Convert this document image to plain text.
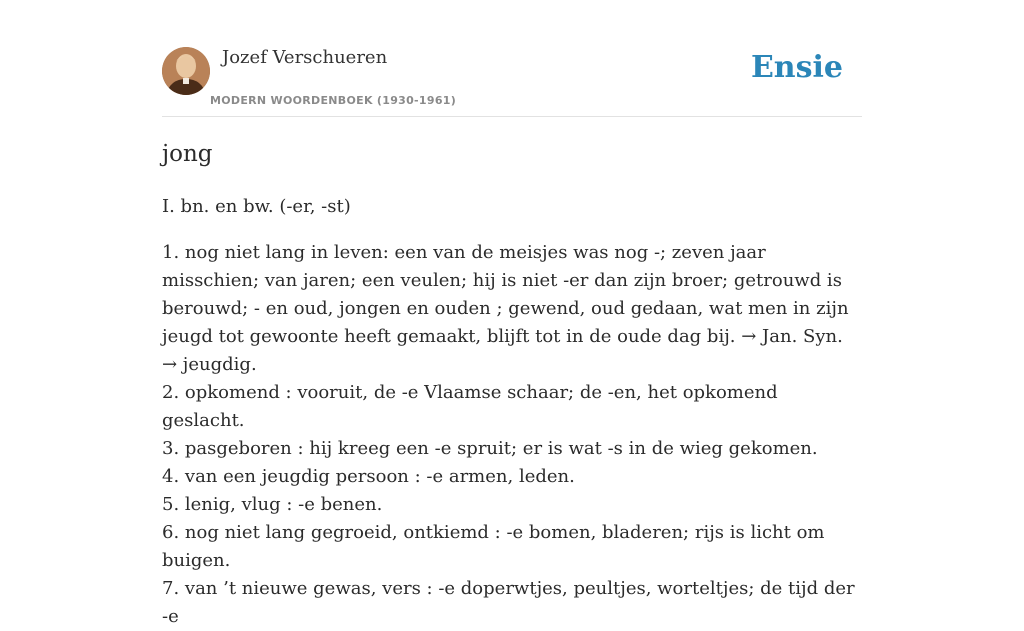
Jozef Verschueren
MODERN WOORDENBOEK (1930-1961)
Ensie
jong
I. bn. en bw. (-er, -st)
1. nog niet lang in leven: een van de meisjes was nog -; zeven jaar misschien; van jaren; een veulen; hij is niet -er dan zijn broer; getrouwd is berouwd; - en oud, jongen en ouden ; gewend, oud gedaan, wat men in zijn jeugd tot gewoonte heeft gemaakt, blijft tot in de oude dag bij. → Jan. Syn. → jeugdig.
2. opkomend : vooruit, de -e Vlaamse schaar; de -en, het opkomend geslacht.
3. pasgeboren : hij kreeg een -e spruit; er is wat -s in de wieg gekomen.
4. van een jeugdig persoon : -e armen, leden.
5. lenig, vlug : -e benen.
6. nog niet lang gegroeid, ontkiemd : -e bomen, bladeren; rijs is licht om buigen.
7. van ’t nieuwe gewas, vers : -e doperwtjes, peultjes, worteltjes; de tijd der -e
